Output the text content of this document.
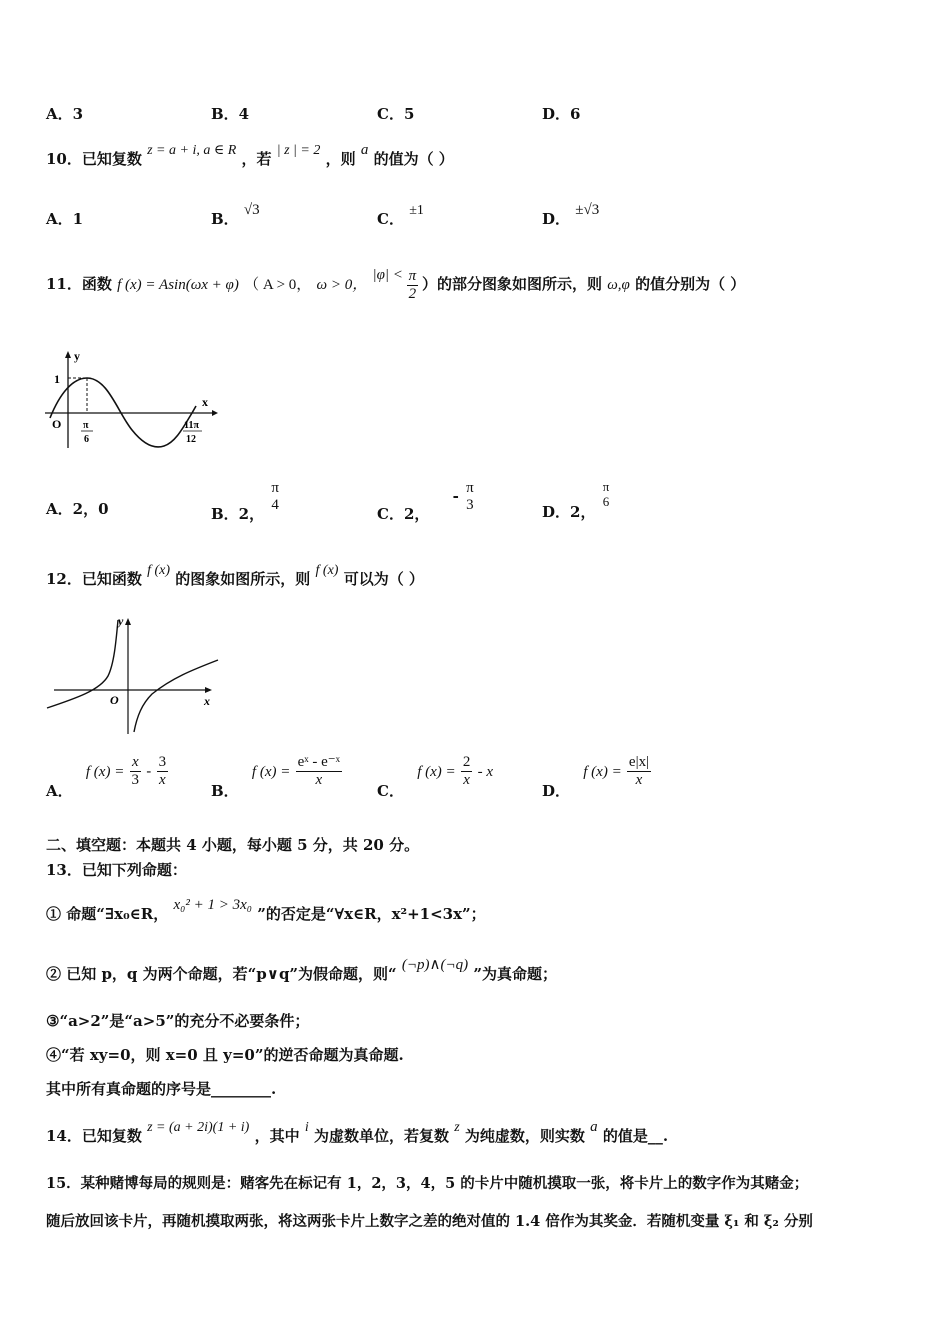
A．3	B．4	C．5	D．6
10．已知复数 z = a + i, a ∈ R ，若 | z | = 2 ，则 a 的值为（ ）
A．1	B． √3	C． ±1	D． ±√3
11．函数 f (x) = Asin(ωx + φ) （ A > 0， ω > 0， $|\varphi| < \frac{\pi}{2}$ ）的部分图象如图所示，则 ω,φ 的值分别为（ ）
y
x
O
1
π
6
11π
12
A．2，0	B．2，
π
4	C．2， - π
3	D．2，
π
6
12．已知函数 f (x) 的图象如图所示，则 f (x) 可以为（ ）
y
x
O
A． f $(x) = \frac{x}{3} - \frac{3}{x}$
B． f $(x) = \frac{\text{eˣ - e⁻ˣ}}{x}$
C． f $(x) = \frac{2}{x} - x$
D． f $(x) = \frac{e|x|}{x}$
二、填空题：本题共 4 小题，每小题 5 分，共 20 分。
13．已知下列命题：
① 命题“∃x₀∈R， x₀² + 1 > 3x₀ ”的否定是“∀x∈R，x²+1<3x”；
② 已知 p，q 为两个命题，若“p∨q”为假命题，则“ (¬p)∧(¬q) ”为真命题；
③“a>2”是“a>5”的充分不必要条件；
④“若 xy=0，则 x=0 且 y=0”的逆否命题为真命题.
其中所有真命题的序号是________.
14．已知复数 z = (a + 2i)(1 + i) ，其中 i 为虚数单位，若复数 z 为纯虚数，则实数 a 的值是__.
15．某种赌博每局的规则是：赌客先在标记有 1，2，3，4，5 的卡片中随机摸取一张，将卡片上的数字作为其赌金；
随后放回该卡片，再随机摸取两张，将这两张卡片上数字之差的绝对值的 1.4 倍作为其奖金．若随机变量 ξ₁ 和 ξ₂ 分别
